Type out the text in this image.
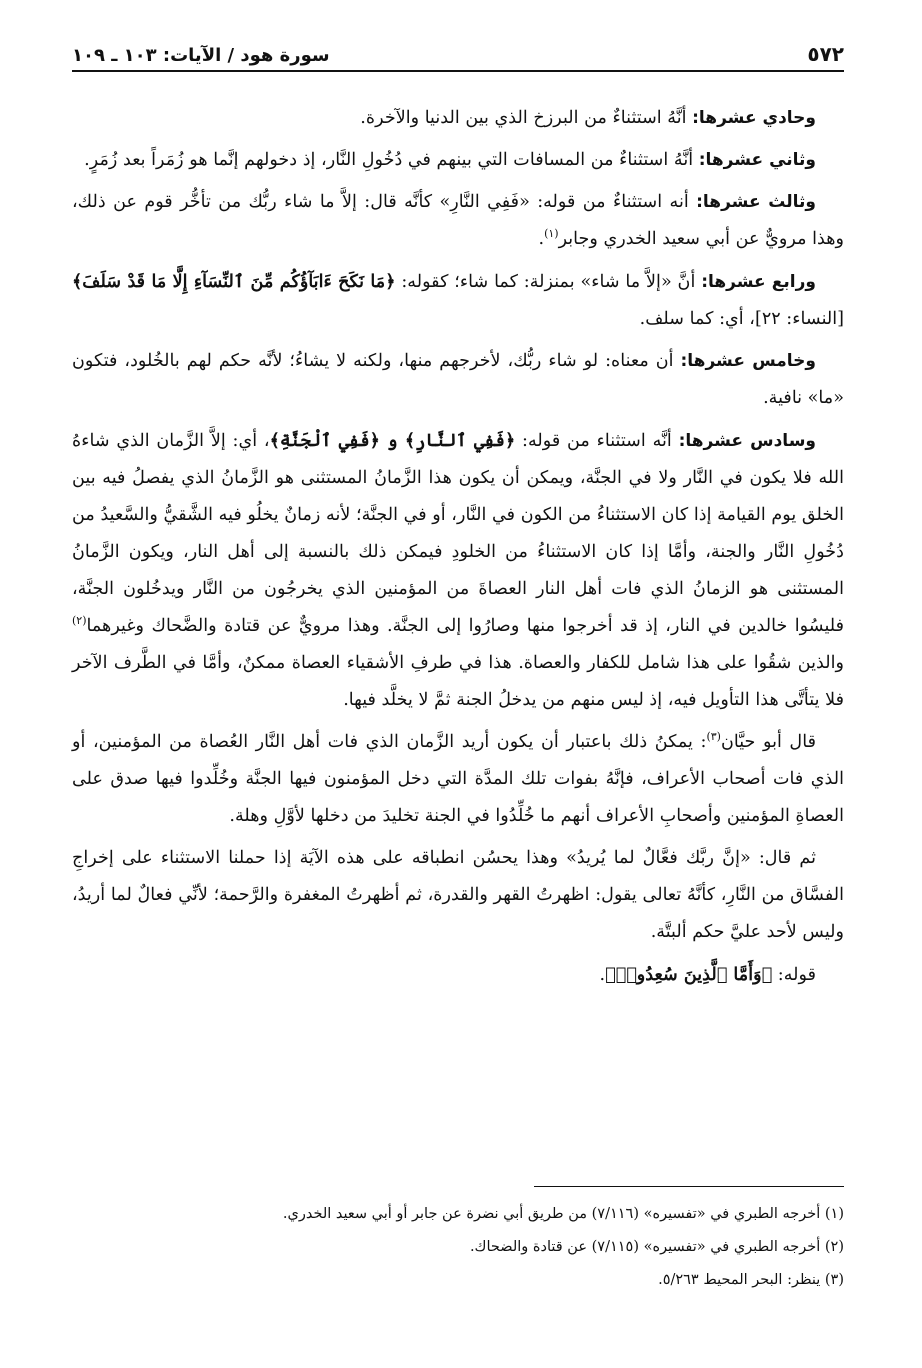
٥٧٢
سورة هود / الآيات: ١٠٣ ـ ١٠٩

وحادي عشرها: أنَّهُ استثناءٌ من البرزخ الذي بين الدنيا والآخرة.

وثاني عشرها: أنَّهُ استثناءٌ من المسافات التي بينهم في دُخُولِ النَّار، إذ دخولهم إنَّما هو زُمَراً بعد زُمَرٍ.

وثالث عشرها: أنه استثناءٌ من قوله: «فَفِي النَّارِ» كأنَّه قال: إلاَّ ما شاء ربُّك من تأخُّر قوم عن ذلك، وهذا مرويٌّ عن أبي سعيد الخدري وجابر$^{(١)}$.

ورابع عشرها: أنَّ «إلاَّ ما شاء» بمنزلة: كما شاء؛ كقوله: ﴿مَا نَكَحَ ءَابَآؤُكُم مِّنَ ٱلنِّسَآءِ إِلَّا مَا قَدْ سَلَفَ﴾ [النساء: ٢٢]، أي: كما سلف.

وخامس عشرها: أن معناه: لو شاء ربُّك، لأخرجهم منها، ولكنه لا يشاءُ؛ لأنَّه حكم لهم بالخُلود، فتكون «ما» نافية.

وسادس عشرها: أنَّه استثناء من قوله: ﴿فَفِي ٱلنَّارِ﴾ و ﴿فَفِي ٱلْجَنَّةِ﴾، أي: إلاَّ الزَّمان الذي شاءهُ الله فلا يكون في النَّار ولا في الجنَّة، ويمكن أن يكون هذا الزَّمانُ المستثنى هو الزَّمانُ الذي يفصلُ فيه بين الخلق يوم القيامة إذا كان الاستثناءُ من الكون في النَّار، أو في الجنَّة؛ لأنه زمانٌ يخلُو فيه الشَّقيُّ والسَّعيدُ من دُخُولِ النَّار والجنة، وأمَّا إذا كان الاستثناءُ من الخلودِ فيمكن ذلك بالنسبة إلى أهل النار، ويكون الزَّمانُ المستثنى هو الزمانُ الذي فات أهل النار العصاةَ من المؤمنين الذي يخرجُون من النَّار ويدخُلون الجنَّة، فليسُوا خالدين في النار، إذ قد أخرجوا منها وصارُوا إلى الجنَّة. وهذا مرويٌّ عن قتادة والضَّحاك وغيرهما$^{(٢)}$ والذين شقُوا على هذا شامل للكفار والعصاة. هذا في طرفِ الأشقياء العصاة ممكنٌ، وأمَّا في الطَّرف الآخر فلا يتأتَّى هذا التأويل فيه، إذ ليس منهم من يدخلُ الجنة ثمَّ لا يخلَّد فيها.

قال أبو حيَّان$^{(٣)}$: يمكنُ ذلك باعتبار أن يكون أريد الزَّمان الذي فات أهل النَّار العُصاة من المؤمنين، أو الذي فات أصحاب الأعراف، فإنَّهُ بفوات تلك المدَّة التي دخل المؤمنون فيها الجنَّة وخُلِّدوا فيها صدق على العصاةِ المؤمنين وأصحابِ الأعراف أنهم ما خُلِّدُوا في الجنة تخليدَ من دخلها لأوَّلِ وهلة.

ثم قال: «إنَّ ربَّك فعَّالٌ لما يُريدُ» وهذا يحسُن انطباقه على هذه الآيَة إذا حملنا الاستثناء على إخراجِ الفسَّاق من النَّارِ، كأنَّهُ تعالى يقول: اظهرتُ القهر والقدرة، ثم أظهرتُ المغفرة والرَّحمة؛ لأنِّي فعالٌ لما أريدُ، وليس لأحد عليَّ حكم ألبتَّة.

قوله: ﴿وَأَمَّا ٱلَّذِينَ سُعِدُوا۟﴾.

(١) أخرجه الطبري في «تفسيره» (٧/١١٦) من طريق أبي نضرة عن جابر أو أبي سعيد الخدري.

(٢) أخرجه الطبري في «تفسيره» (٧/١١٥) عن قتادة والضحاك.

(٣) ينظر: البحر المحيط ٥/٢٦٣.
